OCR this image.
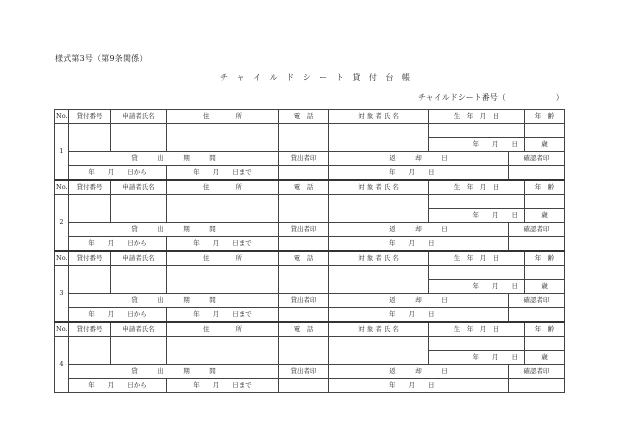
様式第3号（第9条関係）
チ ャ イ ル ド シ ー ト 貸 付 台 帳
チャイルドシート番号（	）
No.	貸付番号	申請者氏名	住　　　　所	電　話	対 象 者 氏 名	生　年　月　日		年　齢
1								
						年　　月　　日		歳
	貸　　　出　　　期　　　間			貸出者印	返　　　却　　　日		確認者印	
	年　　月　　日から		年　　月　　日まで		年　　月　　日			
No.	貸付番号	申請者氏名	住　　　　所	電　話	対 象 者 氏 名	生　年　月　日		年　齢
2								
						年　　月　　日		歳
	貸　　　出　　　期　　　間			貸出者印	返　　　却　　　日		確認者印	
	年　　月　　日から		年　　月　　日まで		年　　月　　日			
No.	貸付番号	申請者氏名	住　　　　所	電　話	対 象 者 氏 名	生　年　月　日		年　齢
3								
						年　　月　　日		歳
	貸　　　出　　　期　　　間			貸出者印	返　　　却　　　日		確認者印	
	年　　月　　日から		年　　月　　日まで		年　　月　　日			
No.	貸付番号	申請者氏名	住　　　　所	電　話	対 象 者 氏 名	生　年　月　日		年　齢
4								
						年　　月　　日		歳
	貸　　　出　　　期　　　間			貸出者印	返　　　却　　　日		確認者印	
	年　　月　　日から		年　　月　　日まで		年　　月　　日			
